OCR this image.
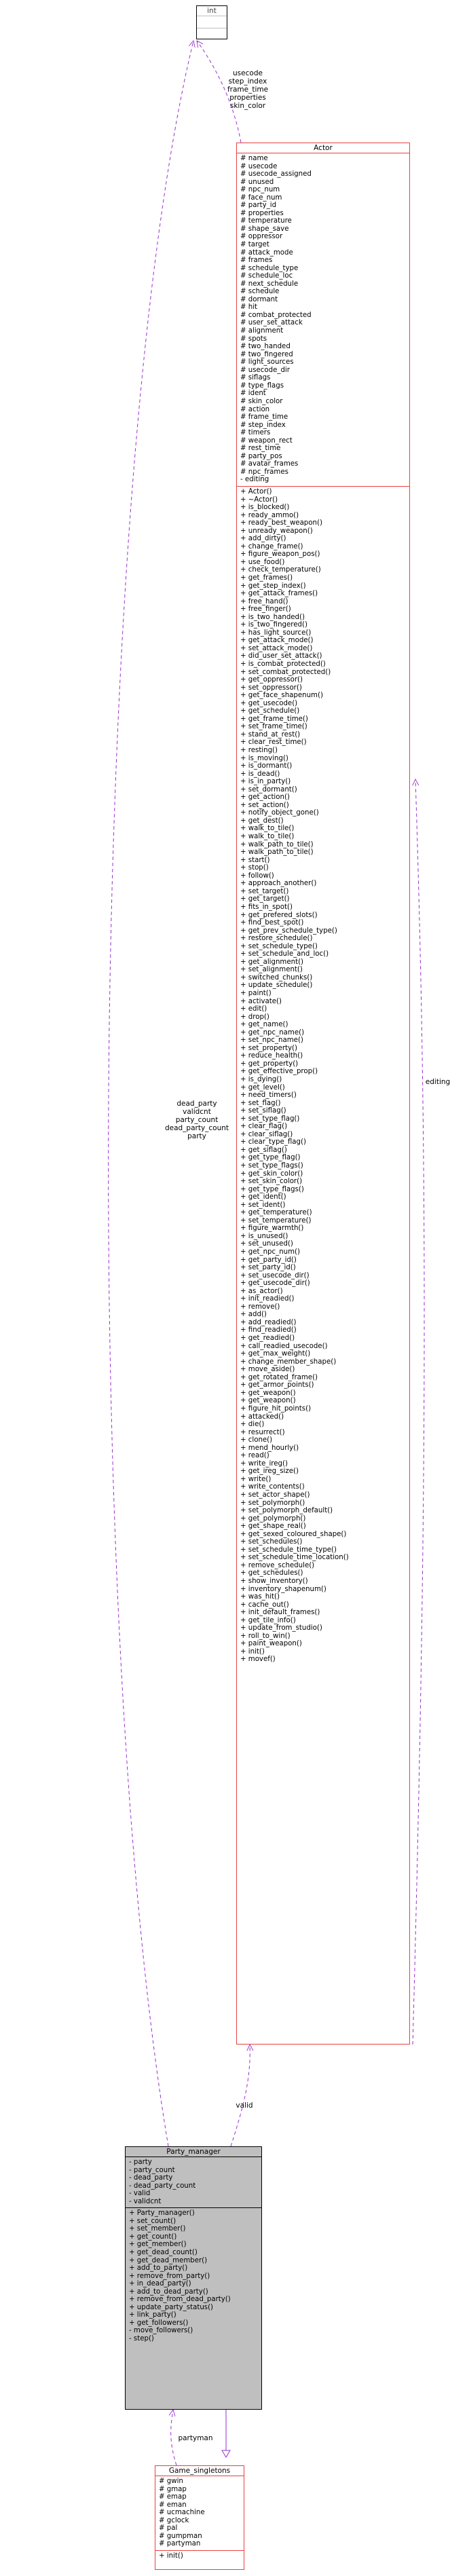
int
Actor
# name
# usecode
# usecode_assigned
# unused
# npc_num
# face_num
# party_id
# properties
# temperature
# shape_save
# oppressor
# target
# attack_mode
# frames
# schedule_type
# schedule_loc
# next_schedule
# schedule
# dormant
# hit
# combat_protected
# user_set_attack
# alignment
# spots
# two_handed
# two_fingered
# light_sources
# usecode_dir
# siflags
# type_flags
# ident
# skin_color
# action
# frame_time
# step_index
# timers
# weapon_rect
# rest_time
# party_pos
# avatar_frames
# npc_frames
- editing
+ Actor()
+ ~Actor()
+ is_blocked()
+ ready_ammo()
+ ready_best_weapon()
+ unready_weapon()
+ add_dirty()
+ change_frame()
+ figure_weapon_pos()
+ use_food()
+ check_temperature()
+ get_frames()
+ get_step_index()
+ get_attack_frames()
+ free_hand()
+ free_finger()
+ is_two_handed()
+ is_two_fingered()
+ has_light_source()
+ get_attack_mode()
+ set_attack_mode()
+ did_user_set_attack()
+ is_combat_protected()
+ set_combat_protected()
+ get_oppressor()
+ set_oppressor()
+ get_face_shapenum()
+ get_usecode()
+ get_schedule()
+ get_frame_time()
+ set_frame_time()
+ stand_at_rest()
+ clear_rest_time()
+ resting()
+ is_moving()
+ is_dormant()
+ is_dead()
+ is_in_party()
+ set_dormant()
+ get_action()
+ set_action()
+ notify_object_gone()
+ get_dest()
+ walk_to_tile()
+ walk_to_tile()
+ walk_path_to_tile()
+ walk_path_to_tile()
+ start()
+ stop()
+ follow()
+ approach_another()
+ set_target()
+ get_target()
+ fits_in_spot()
+ get_prefered_slots()
+ find_best_spot()
+ get_prev_schedule_type()
+ restore_schedule()
+ set_schedule_type()
+ set_schedule_and_loc()
+ get_alignment()
+ set_alignment()
+ switched_chunks()
+ update_schedule()
+ paint()
+ activate()
+ edit()
+ drop()
+ get_name()
+ get_npc_name()
+ set_npc_name()
+ set_property()
+ reduce_health()
+ get_property()
+ get_effective_prop()
+ is_dying()
+ get_level()
+ need_timers()
+ set_flag()
+ set_siflag()
+ set_type_flag()
+ clear_flag()
+ clear_siflag()
+ clear_type_flag()
+ get_siflag()
+ get_type_flag()
+ set_type_flags()
+ get_skin_color()
+ set_skin_color()
+ get_type_flags()
+ get_ident()
+ set_ident()
+ get_temperature()
+ set_temperature()
+ figure_warmth()
+ is_unused()
+ set_unused()
+ get_npc_num()
+ get_party_id()
+ set_party_id()
+ set_usecode_dir()
+ get_usecode_dir()
+ as_actor()
+ init_readied()
+ remove()
+ add()
+ add_readied()
+ find_readied()
+ get_readied()
+ call_readied_usecode()
+ get_max_weight()
+ change_member_shape()
+ move_aside()
+ get_rotated_frame()
+ get_armor_points()
+ get_weapon()
+ get_weapon()
+ figure_hit_points()
+ attacked()
+ die()
+ resurrect()
+ clone()
+ mend_hourly()
+ read()
+ write_ireg()
+ get_ireg_size()
+ write()
+ write_contents()
+ set_actor_shape()
+ set_polymorph()
+ set_polymorph_default()
+ get_polymorph()
+ get_shape_real()
+ get_sexed_coloured_shape()
+ set_schedules()
+ set_schedule_time_type()
+ set_schedule_time_location()
+ remove_schedule()
+ get_schedules()
+ show_inventory()
+ inventory_shapenum()
+ was_hit()
+ cache_out()
+ init_default_frames()
+ get_tile_info()
+ update_from_studio()
+ roll_to_win()
+ paint_weapon()
+ init()
+ movef()
Party_manager
- party
- party_count
- dead_party
- dead_party_count
- valid
- validcnt
+ Party_manager()
+ set_count()
+ set_member()
+ get_count()
+ get_member()
+ get_dead_count()
+ get_dead_member()
+ add_to_party()
+ remove_from_party()
+ in_dead_party()
+ add_to_dead_party()
+ remove_from_dead_party()
+ update_party_status()
+ link_party()
+ get_followers()
- move_followers()
- step()
Game_singletons
# gwin
# gmap
# emap
# eman
# ucmachine
# gclock
# pal
# gumpman
# partyman
+ init()
usecode
step_index
frame_time
properties
skin_color
dead_party
validcnt
party_count
dead_party_count
party
valid
editing
partyman
